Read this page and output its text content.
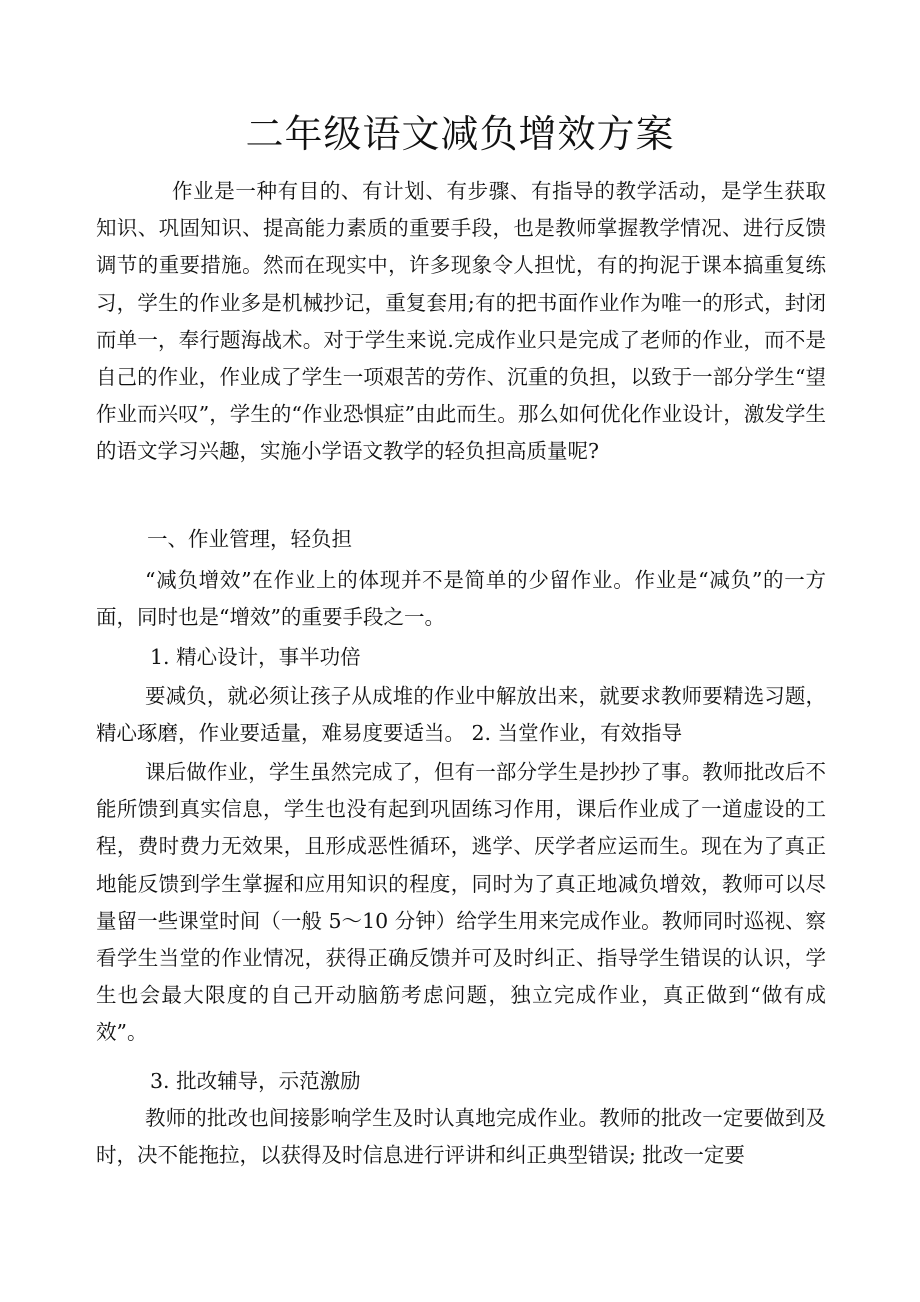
二年级语文减负增效方案

作业是一种有目的、有计划、有步骤、有指导的教学活动，是学生获取知识、巩固知识、提高能力素质的重要手段，也是教师掌握教学情况、进行反馈调节的重要措施。然而在现实中，许多现象令人担忧，有的拘泥于课本搞重复练习，学生的作业多是机械抄记，重复套用;有的把书面作业作为唯一的形式，封闭而单一，奉行题海战术。对于学生来说.完成作业只是完成了老师的作业，而不是自己的作业，作业成了学生一项艰苦的劳作、沉重的负担，以致于一部分学生“望作业而兴叹”，学生的“作业恐惧症”由此而生。那么如何优化作业设计，激发学生的语文学习兴趣，实施小学语文教学的轻负担高质量呢?

一、作业管理，轻负担

“减负增效”在作业上的体现并不是简单的少留作业。作业是“减负”的一方面，同时也是“增效”的重要手段之一。

1. 精心设计，事半功倍

要减负，就必须让孩子从成堆的作业中解放出来，就要求教师要精选习题，精心琢磨，作业要适量，难易度要适当。 2. 当堂作业，有效指导

课后做作业，学生虽然完成了，但有一部分学生是抄抄了事。教师批改后不能所馈到真实信息，学生也没有起到巩固练习作用，课后作业成了一道虚设的工程，费时费力无效果，且形成恶性循环，逃学、厌学者应运而生。现在为了真正地能反馈到学生掌握和应用知识的程度，同时为了真正地减负增效，教师可以尽量留一些课堂时间（一般 5～10 分钟）给学生用来完成作业。教师同时巡视、察看学生当堂的作业情况，获得正确反馈并可及时纠正、指导学生错误的认识，学生也会最大限度的自己开动脑筋考虑问题，独立完成作业，真正做到“做有成效”。

3. 批改辅导，示范激励

教师的批改也间接影响学生及时认真地完成作业。教师的批改一定要做到及时，决不能拖拉，以获得及时信息进行评讲和纠正典型错误; 批改一定要
